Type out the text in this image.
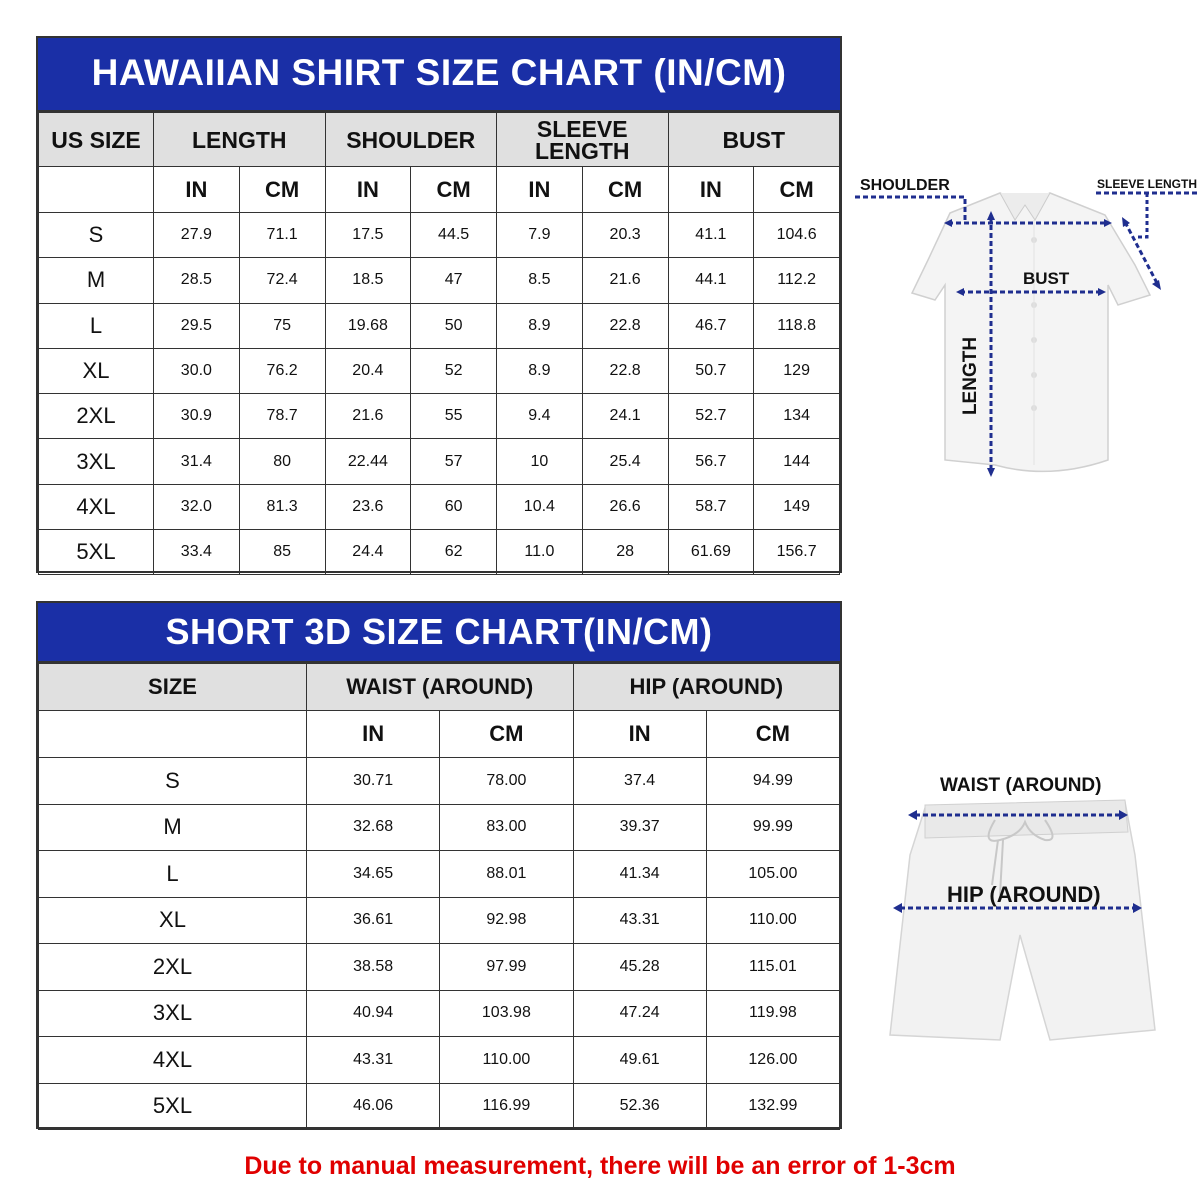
HAWAIIAN SHIRT SIZE CHART (IN/CM)
US SIZE	LENGTH		SHOULDER		SLEEVE LENGTH		BUST	
	IN	CM	IN	CM	IN	CM	IN	CM
S	27.9	71.1	17.5	44.5	7.9	20.3	41.1	104.6
M	28.5	72.4	18.5	47	8.5	21.6	44.1	112.2
L	29.5	75	19.68	50	8.9	22.8	46.7	118.8
XL	30.0	76.2	20.4	52	8.9	22.8	50.7	129
2XL	30.9	78.7	21.6	55	9.4	24.1	52.7	134
3XL	31.4	80	22.44	57	10	25.4	56.7	144
4XL	32.0	81.3	23.6	60	10.4	26.6	58.7	149
5XL	33.4	85	24.4	62	11.0	28	61.69	156.7
SHOULDER	SLEEVE LENGTH
BUST
LENGTH
SHORT 3D SIZE CHART(IN/CM)
SIZE	WAIST (AROUND)		HIP (AROUND)	
	IN	CM	IN	CM
S	30.71	78.00	37.4	94.99
M	32.68	83.00	39.37	99.99
L	34.65	88.01	41.34	105.00
XL	36.61	92.98	43.31	110.00
2XL	38.58	97.99	45.28	115.01
3XL	40.94	103.98	47.24	119.98
4XL	43.31	110.00	49.61	126.00
5XL	46.06	116.99	52.36	132.99
WAIST (AROUND)
HIP (AROUND)
Due to manual measurement, there will be an error of 1-3cm
